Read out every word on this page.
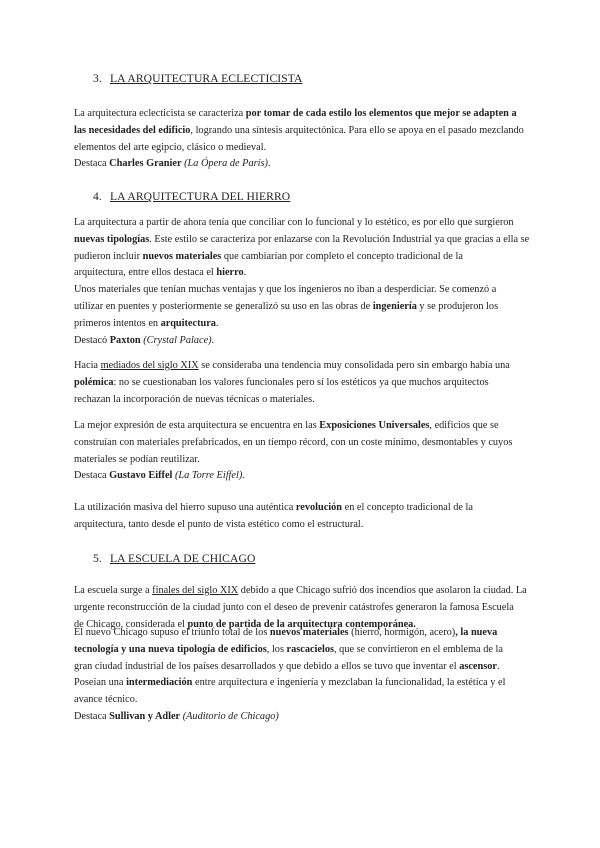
3. LA ARQUITECTURA ECLECTICISTA
La arquitectura eclecticista se caracteriza por tomar de cada estilo los elementos que mejor se adapten a
las necesidades del edificio, logrando una síntesis arquitectónica. Para ello se apoya en el pasado mezclando
elementos del arte egipcio, clásico o medieval.
Destaca Charles Granier (La Ópera de París).
4. LA ARQUITECTURA DEL HIERRO
La arquitectura a partir de ahora tenía que conciliar con lo funcional y lo estético, es por ello que surgieron
nuevas tipologías. Este estilo se caracteriza por enlazarse con la Revolución Industrial ya que gracias a ella se
pudieron incluir nuevos materiales que cambiarían por completo el concepto tradicional de la
arquitectura, entre ellos destaca el hierro.
Unos materiales que tenían muchas ventajas y que los ingenieros no iban a desperdiciar. Se comenzó a
utilizar en puentes y posteriormente se generalizó su uso en las obras de ingeniería y se produjeron los
primeros intentos en arquitectura.
Destacó Paxton (Crystal Palace).
Hacia mediados del siglo XIX se consideraba una tendencia muy consolidada pero sin embargo había una
polémica: no se cuestionaban los valores funcionales pero sí los estéticos ya que muchos arquitectos
rechazan la incorporación de nuevas técnicas o materiales.
La mejor expresión de esta arquitectura se encuentra en las Exposiciones Universales, edificios que se
construían con materiales prefabricados, en un tiempo récord, con un coste mínimo, desmontables y cuyos
materiales se podían reutilizar.
Destaca Gustavo Eiffel (La Torre Eiffel).
La utilización masiva del hierro supuso una auténtica revolución en el concepto tradicional de la
arquitectura, tanto desde el punto de vista estético como el estructural.
5. LA ESCUELA DE CHICAGO
La escuela surge a finales del siglo XIX debido a que Chicago sufrió dos incendios que asolaron la ciudad. La
urgente reconstrucción de la ciudad junto con el deseo de prevenir catástrofes generaron la famosa Escuela
de Chicago, considerada el punto de partida de la arquitectura contemporánea.
El nuevo Chicago supuso el triunfo total de los nuevos materiales (hierro, hormigón, acero), la nueva
tecnología y una nueva tipología de edificios, los rascacielos, que se convirtieron en el emblema de la
gran ciudad industrial de los países desarrollados y que debido a ellos se tuvo que inventar el ascensor.
Poseían una intermediación entre arquitectura e ingeniería y mezclaban la funcionalidad, la estética y el
avance técnico.
Destaca Sullivan y Adler (Auditorio de Chicago)
